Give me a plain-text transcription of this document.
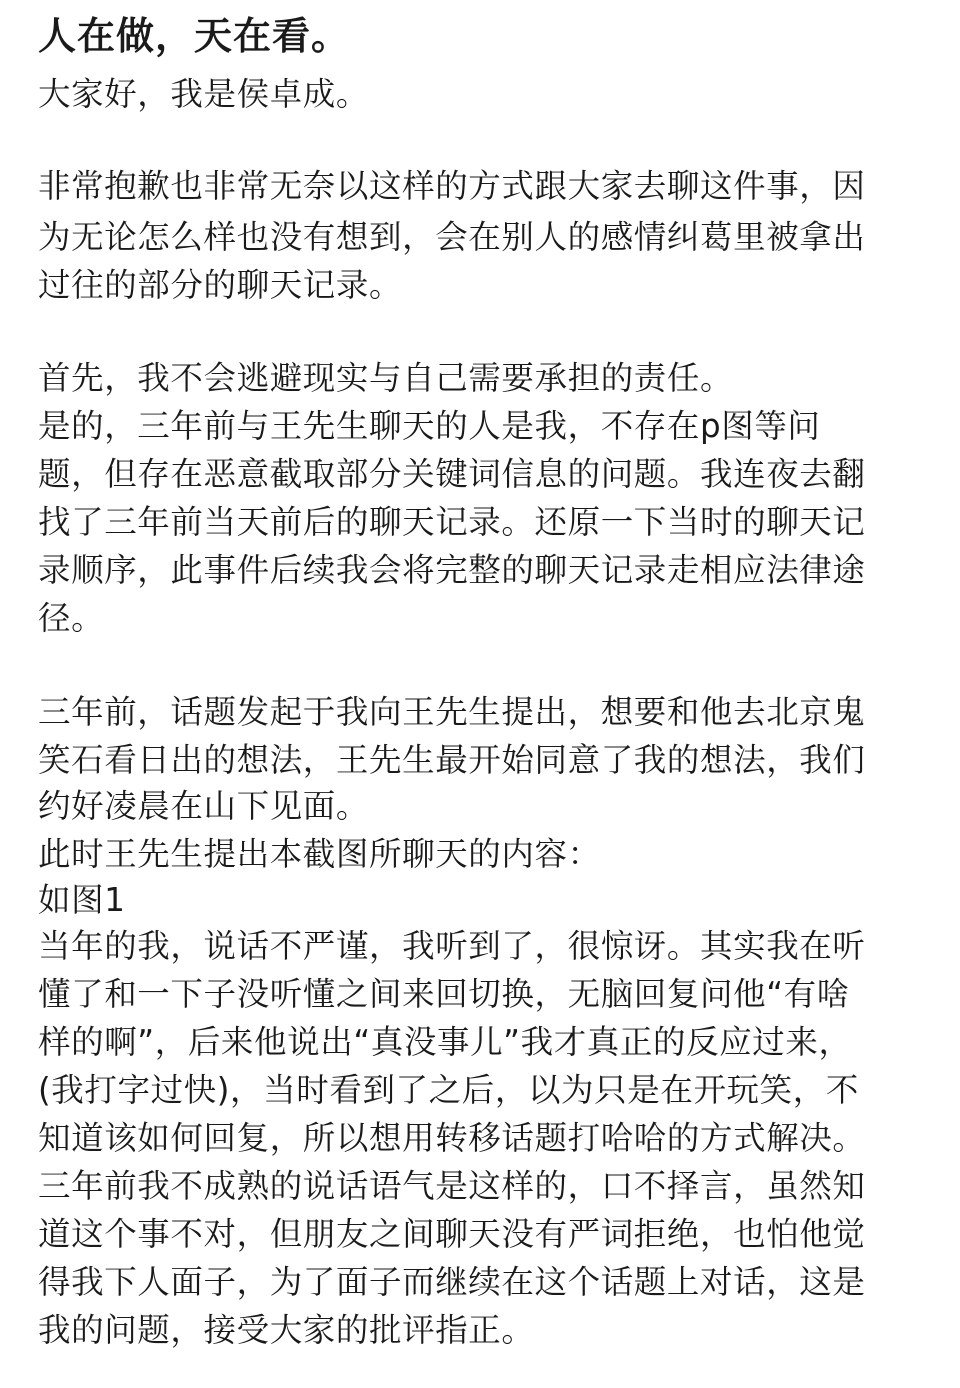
人在做，天在看。

大家好，我是侯卓成。

非常抱歉也非常无奈以这样的方式跟大家去聊这件事，因

为无论怎么样也没有想到，会在别人的感情纠葛里被拿出

过往的部分的聊天记录。

首先，我不会逃避现实与自己需要承担的责任。

是的，三年前与王先生聊天的人是我，不存在p图等问

题，但存在恶意截取部分关键词信息的问题。我连夜去翻

找了三年前当天前后的聊天记录。还原一下当时的聊天记

录顺序，此事件后续我会将完整的聊天记录走相应法律途

径。

三年前，话题发起于我向王先生提出，想要和他去北京鬼

笑石看日出的想法，王先生最开始同意了我的想法，我们

约好凌晨在山下见面。

此时王先生提出本截图所聊天的内容：

如图1

当年的我，说话不严谨，我听到了，很惊讶。其实我在听

懂了和一下子没听懂之间来回切换，无脑回复问他“有啥

样的啊”，后来他说出“真没事儿”我才真正的反应过来，

(我打字过快)，当时看到了之后，以为只是在开玩笑，不

知道该如何回复，所以想用转移话题打哈哈的方式解决。

三年前我不成熟的说话语气是这样的，口不择言，虽然知

道这个事不对，但朋友之间聊天没有严词拒绝，也怕他觉

得我下人面子，为了面子而继续在这个话题上对话，这是

我的问题，接受大家的批评指正。
